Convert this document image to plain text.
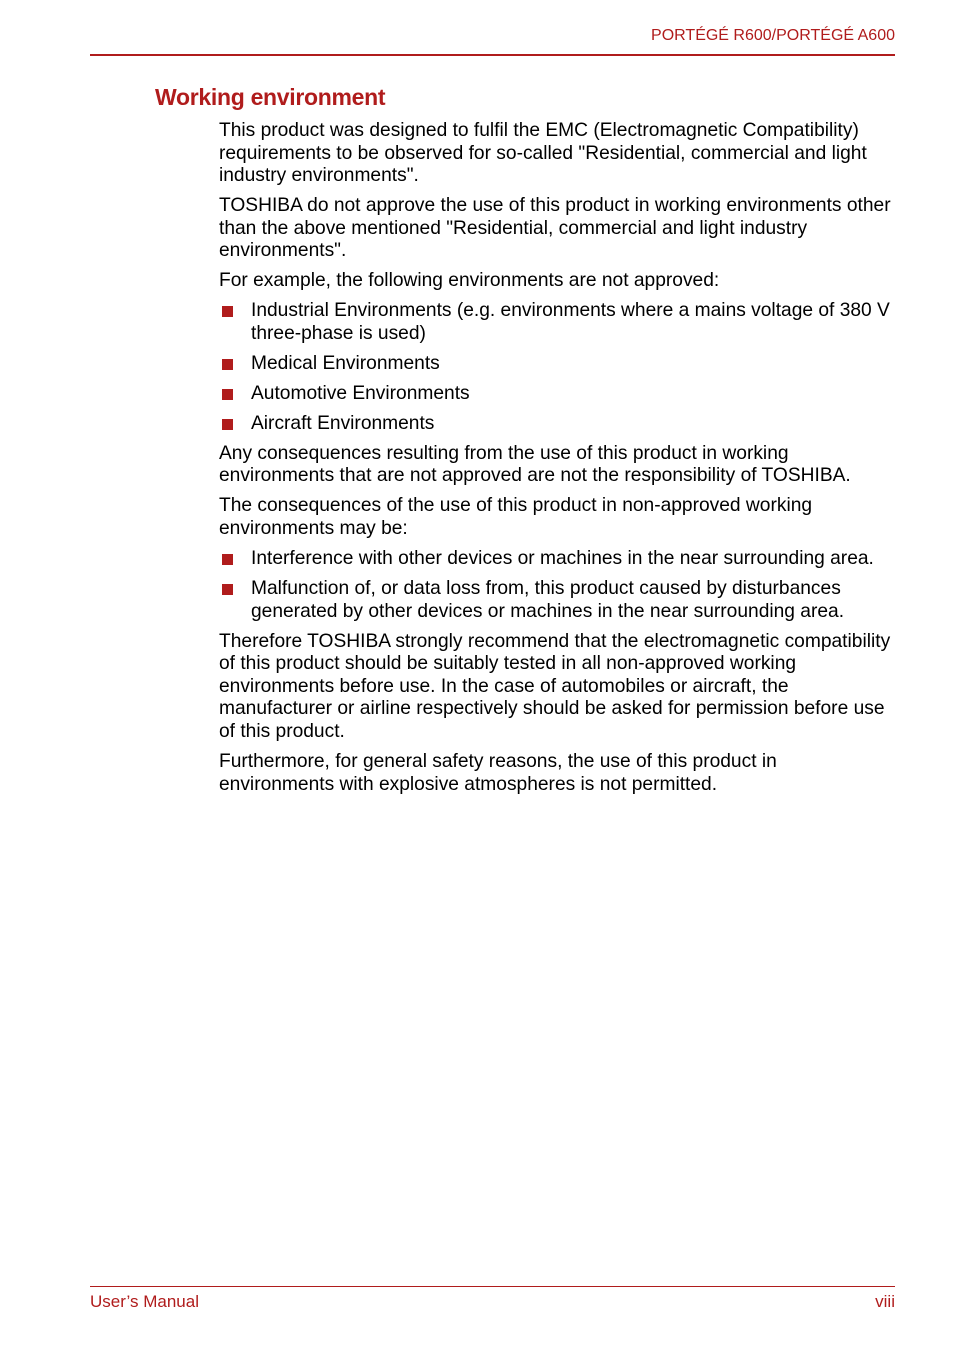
PORTÉGÉ R600/PORTÉGÉ A600
Working environment

This product was designed to fulfil the EMC (Electromagnetic Compatibility) requirements to be observed for so-called "Residential, commercial and light industry environments".

TOSHIBA do not approve the use of this product in working environments other than the above mentioned "Residential, commercial and light industry environments".

For example, the following environments are not approved:

Industrial Environments (e.g. environments where a mains voltage of 380 V three-phase is used)
Medical Environments
Automotive Environments
Aircraft Environments

Any consequences resulting from the use of this product in working environments that are not approved are not the responsibility of TOSHIBA.

The consequences of the use of this product in non-approved working environments may be:

Interference with other devices or machines in the near surrounding area.
Malfunction of, or data loss from, this product caused by disturbances generated by other devices or machines in the near surrounding area.

Therefore TOSHIBA strongly recommend that the electromagnetic compatibility of this product should be suitably tested in all non-approved working environments before use. In the case of automobiles or aircraft, the manufacturer or airline respectively should be asked for permission before use of this product.

Furthermore, for general safety reasons, the use of this product in environments with explosive atmospheres is not permitted.

User’s Manual	viii
